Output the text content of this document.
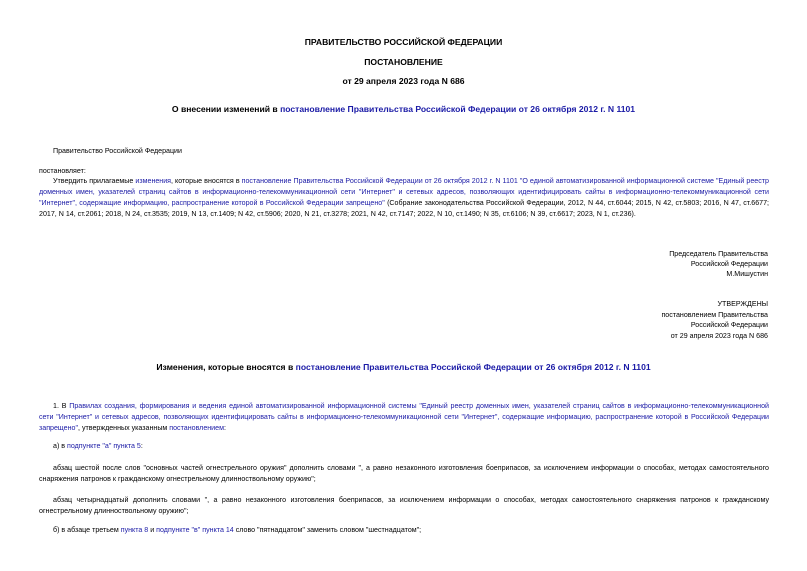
ПРАВИТЕЛЬСТВО РОССИЙСКОЙ ФЕДЕРАЦИИ
ПОСТАНОВЛЕНИЕ
от 29 апреля 2023 года N 686
О внесении изменений в постановление Правительства Российской Федерации от 26 октября 2012 г. N 1101
Правительство Российской Федерации
постановляет:
Утвердить прилагаемые изменения, которые вносятся в постановление Правительства Российской Федерации от 26 октября 2012 г. N 1101 "О единой автоматизированной информационной системе "Единый реестр доменных имен, указателей страниц сайтов в информационно-телекоммуникационной сети "Интернет" и сетевых адресов, позволяющих идентифицировать сайты в информационно-телекоммуникационной сети "Интернет", содержащие информацию, распространение которой в Российской Федерации запрещено" (Собрание законодательства Российской Федерации, 2012, N 44, ст.6044; 2015, N 42, ст.5803; 2016, N 47, ст.6677; 2017, N 14, ст.2061; 2018, N 24, ст.3535; 2019, N 13, ст.1409; N 42, ст.5906; 2020, N 21, ст.3278; 2021, N 42, ст.7147; 2022, N 10, ст.1490; N 35, ст.6106; N 39, ст.6617; 2023, N 1, ст.236).
Председатель Правительства
Российской Федерации
М.Мишустин
УТВЕРЖДЕНЫ
постановлением Правительства
Российской Федерации
от 29 апреля 2023 года N 686
Изменения, которые вносятся в постановление Правительства Российской Федерации от 26 октября 2012 г. N 1101
1. В Правилах создания, формирования и ведения единой автоматизированной информационной системы "Единый реестр доменных имен, указателей страниц сайтов в информационно-телекоммуникационной сети "Интернет" и сетевых адресов, позволяющих идентифицировать сайты в информационно-телекоммуникационной сети "Интернет", содержащие информацию, распространение которой в Российской Федерации запрещено", утвержденных указанным постановлением:
а) в подпункте "а" пункта 5:
абзац шестой после слов "основных частей огнестрельного оружия" дополнить словами ", а равно незаконного изготовления боеприпасов, за исключением информации о способах, методах самостоятельного снаряжения патронов к гражданскому огнестрельному длинноствольному оружию";
абзац четырнадцатый дополнить словами ", а равно незаконного изготовления боеприпасов, за исключением информации о способах, методах самостоятельного снаряжения патронов к гражданскому огнестрельному длинноствольному оружию";
б) в абзаце третьем пункта 8 и подпункте "в" пункта 14 слово "пятнадцатом" заменить словом "шестнадцатом";
